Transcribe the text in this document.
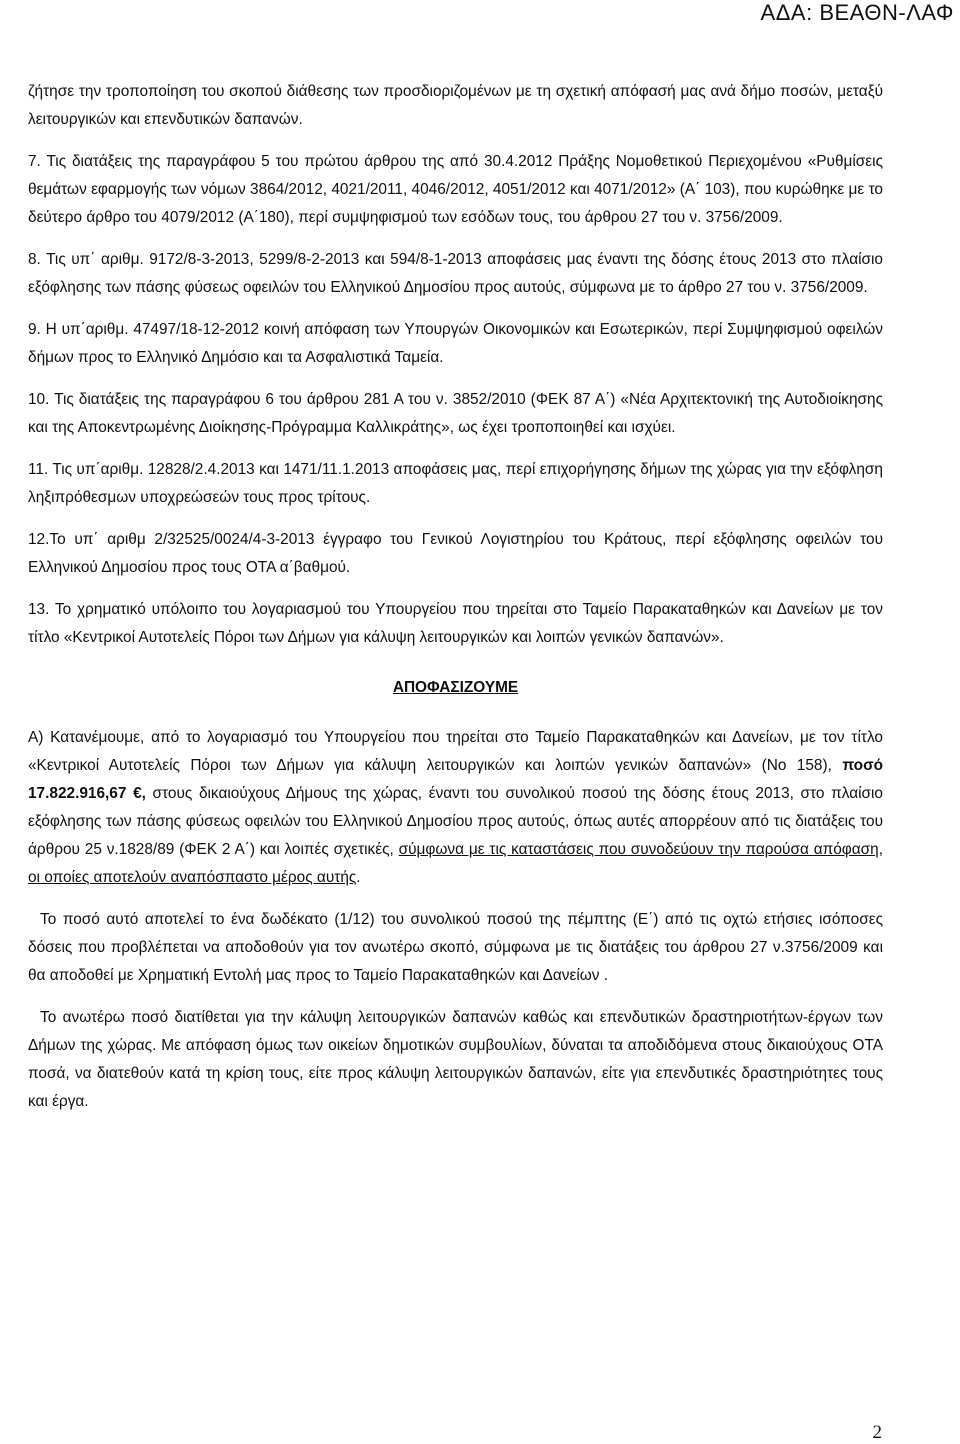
ΑΔΑ: ΒΕΑΘΝ-ΛΑΦ

ζήτησε την τροποποίηση του σκοπού διάθεσης των προσδιοριζομένων με τη σχετική απόφασή μας ανά δήμο ποσών, μεταξύ λειτουργικών και επενδυτικών δαπανών.

7. Τις διατάξεις της παραγράφου 5 του πρώτου άρθρου της από 30.4.2012 Πράξης Νομοθετικού Περιεχομένου «Ρυθμίσεις θεμάτων εφαρμογής των νόμων 3864/2012, 4021/2011, 4046/2012, 4051/2012 και 4071/2012» (Α΄ 103), που κυρώθηκε με το δεύτερο άρθρο του 4079/2012 (Α΄180), περί συμψηφισμού των εσόδων τους, του άρθρου 27 του ν. 3756/2009.

8. Τις υπ΄ αριθμ. 9172/8-3-2013, 5299/8-2-2013 και 594/8-1-2013 αποφάσεις μας έναντι της δόσης έτους 2013 στο πλαίσιο εξόφλησης των πάσης φύσεως οφειλών του Ελληνικού Δημοσίου προς αυτούς, σύμφωνα με το άρθρο 27 του ν. 3756/2009.

9. Η υπ΄αριθμ. 47497/18-12-2012 κοινή απόφαση των Υπουργών Οικονομικών και Εσωτερικών, περί Συμψηφισμού οφειλών δήμων προς το Ελληνικό Δημόσιο και τα Ασφαλιστικά Ταμεία.

10. Τις διατάξεις της παραγράφου 6 του άρθρου 281 Α του ν. 3852/2010 (ΦΕΚ 87 Α΄) «Νέα Αρχιτεκτονική της Αυτοδιοίκησης και της Αποκεντρωμένης Διοίκησης-Πρόγραμμα Καλλικράτης», ως έχει τροποποιηθεί και ισχύει.

11. Τις υπ΄αριθμ. 12828/2.4.2013 και 1471/11.1.2013 αποφάσεις μας, περί επιχορήγησης δήμων της χώρας για την εξόφληση ληξιπρόθεσμων υποχρεώσεών τους προς τρίτους.

12.Το υπ΄ αριθμ 2/32525/0024/4-3-2013 έγγραφο του Γενικού Λογιστηρίου του Κράτους, περί εξόφλησης οφειλών του Ελληνικού Δημοσίου προς τους ΟΤΑ α΄βαθμού.

13. Το χρηματικό υπόλοιπο του λογαριασμού του Υπουργείου που τηρείται στο Ταμείο Παρακαταθηκών και Δανείων με τον τίτλο «Κεντρικοί Αυτοτελείς Πόροι των Δήμων για κάλυψη λειτουργικών και λοιπών γενικών δαπανών».

ΑΠΟΦΑΣΙΖΟΥΜΕ

Α) Κατανέμουμε, από το λογαριασμό του Υπουργείου που τηρείται στο Ταμείο Παρακαταθηκών και Δανείων, με τον τίτλο «Κεντρικοί Αυτοτελείς Πόροι των Δήμων για κάλυψη λειτουργικών και λοιπών γενικών δαπανών» (Νο 158), ποσό 17.822.916,67 €, στους δικαιούχους Δήμους της χώρας, έναντι του συνολικού ποσού της δόσης έτους 2013, στο πλαίσιο εξόφλησης των πάσης φύσεως οφειλών του Ελληνικού Δημοσίου προς αυτούς, όπως αυτές απορρέουν από τις διατάξεις του άρθρου 25 ν.1828/89 (ΦΕΚ 2 Α΄) και λοιπές σχετικές, σύμφωνα με τις καταστάσεις που συνοδεύουν την παρούσα απόφαση, οι οποίες αποτελούν αναπόσπαστο μέρος αυτής.

Το ποσό αυτό αποτελεί το ένα δωδέκατο (1/12) του συνολικού ποσού της πέμπτης (Ε΄) από τις οχτώ ετήσιες ισόποσες δόσεις που προβλέπεται να αποδοθούν για τον ανωτέρω σκοπό, σύμφωνα με τις διατάξεις του άρθρου 27 ν.3756/2009 και θα αποδοθεί με Χρηματική Εντολή μας προς το Ταμείο Παρακαταθηκών και Δανείων .

Το ανωτέρω ποσό διατίθεται για την κάλυψη λειτουργικών δαπανών καθώς και επενδυτικών δραστηριοτήτων-έργων των Δήμων της χώρας. Με απόφαση όμως των οικείων δημοτικών συμβουλίων, δύναται τα αποδιδόμενα στους δικαιούχους ΟΤΑ ποσά, να διατεθούν κατά τη κρίση τους, είτε προς κάλυψη λειτουργικών δαπανών, είτε για επενδυτικές δραστηριότητες τους και έργα.

2
